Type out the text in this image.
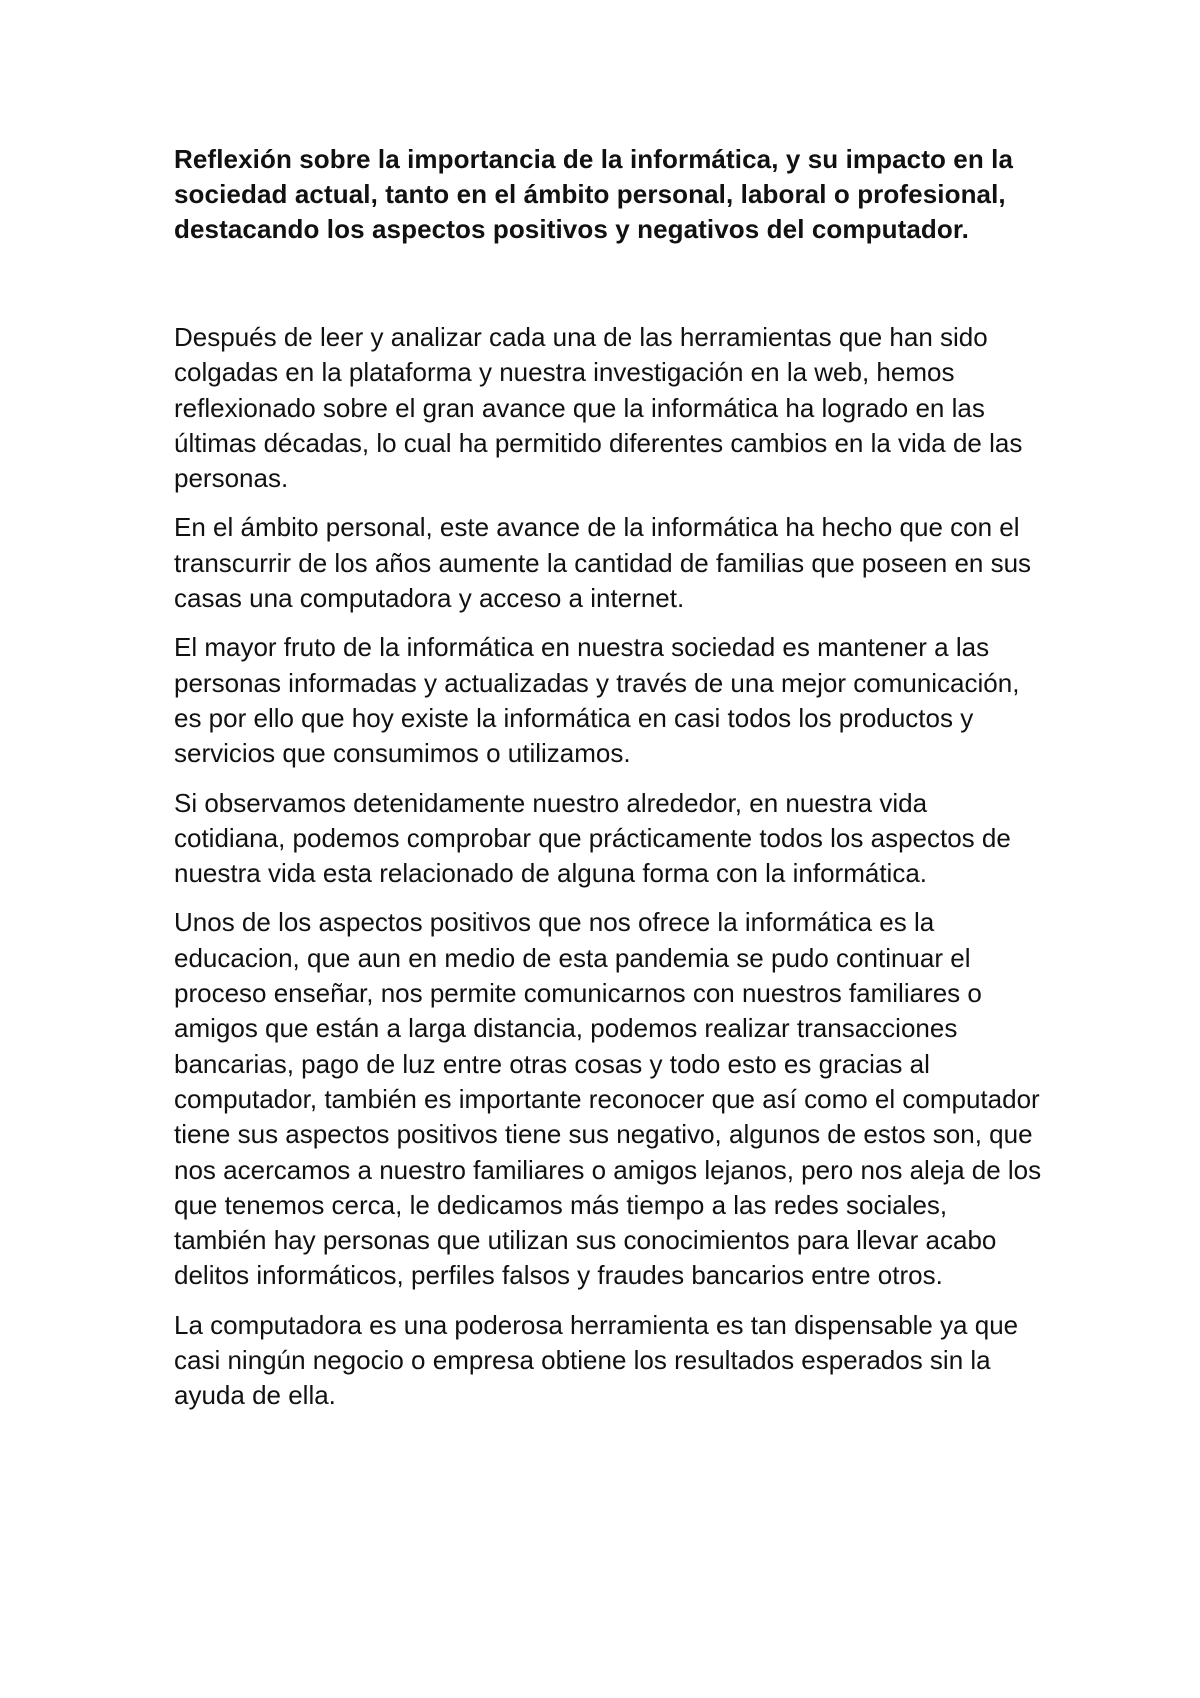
Reflexión sobre la importancia de la informática, y su impacto en la sociedad actual, tanto en el ámbito personal, laboral o profesional, destacando los aspectos positivos y negativos del computador.

Después de leer y analizar cada una de las herramientas que han sido colgadas en la plataforma y nuestra investigación en la web, hemos reflexionado sobre el gran avance que la informática ha logrado en las últimas décadas, lo cual ha permitido diferentes cambios en la vida de las personas.

En el ámbito personal, este avance de la informática ha hecho que con el transcurrir de los años aumente la cantidad de familias que poseen en sus casas una computadora y acceso a internet.

El mayor fruto de la informática en nuestra sociedad es mantener a las personas informadas y actualizadas y través de una mejor comunicación, es por ello que hoy existe la informática en casi todos los productos y servicios que consumimos o utilizamos.

Si observamos detenidamente nuestro alrededor, en nuestra vida cotidiana, podemos comprobar que prácticamente todos los aspectos de nuestra vida esta relacionado de alguna forma con la informática.

Unos de los aspectos positivos que nos ofrece la informática es la educacion, que aun en medio de esta pandemia se pudo continuar el proceso enseñar, nos permite comunicarnos con nuestros familiares o amigos que están a larga distancia, podemos realizar transacciones bancarias, pago de luz entre otras cosas y todo esto es gracias al computador, también es importante reconocer que así como el computador tiene sus aspectos positivos tiene sus negativo, algunos de estos son, que nos acercamos a nuestro familiares o amigos lejanos, pero nos aleja de los que tenemos cerca, le dedicamos más tiempo a las redes sociales, también hay personas que utilizan sus conocimientos para llevar acabo delitos informáticos, perfiles falsos y fraudes bancarios entre otros.

La computadora es una poderosa herramienta es tan dispensable ya que casi ningún negocio o empresa obtiene los resultados esperados sin la ayuda de ella.
